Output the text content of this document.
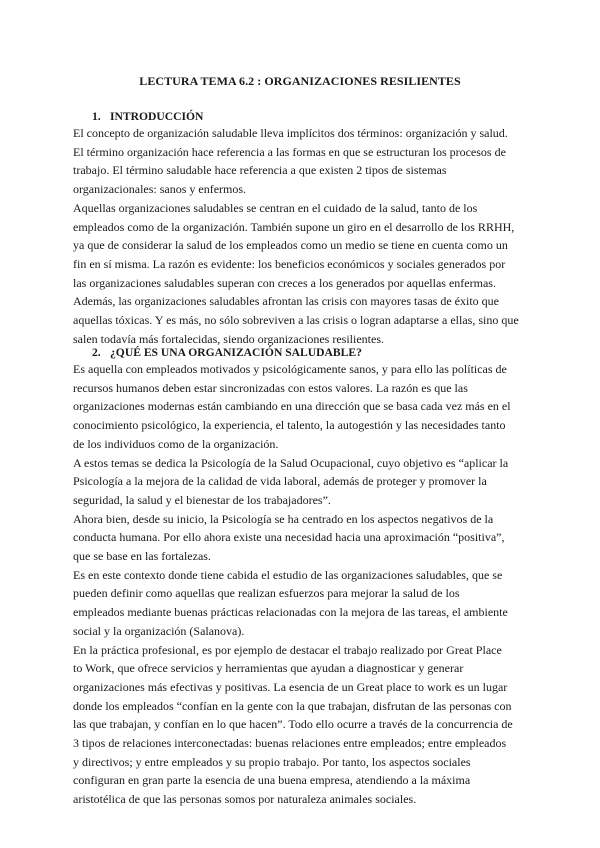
LECTURA TEMA 6.2 : ORGANIZACIONES RESILIENTES
1. INTRODUCCIÓN
El concepto de organización saludable lleva implícitos dos términos: organización y salud.
El término organización hace referencia a las formas en que se estructuran los procesos de
trabajo. El término saludable hace referencia a que existen 2 tipos de sistemas
organizacionales: sanos y enfermos.
Aquellas organizaciones saludables se centran en el cuidado de la salud, tanto de los
empleados como de la organización. También supone un giro en el desarrollo de los RRHH,
ya que de considerar la salud de los empleados como un medio se tiene en cuenta como un
fin en sí misma. La razón es evidente: los beneficios económicos y sociales generados por
las organizaciones saludables superan con creces a los generados por aquellas enfermas.
Además, las organizaciones saludables afrontan las crisis con mayores tasas de éxito que
aquellas tóxicas. Y es más, no sólo sobreviven a las crisis o logran adaptarse a ellas, sino que
salen todavía más fortalecidas, siendo organizaciones resilientes.
2. ¿QUÉ ES UNA ORGANIZACIÓN SALUDABLE?
Es aquella con empleados motivados y psicológicamente sanos, y para ello las políticas de
recursos humanos deben estar sincronizadas con estos valores. La razón es que las
organizaciones modernas están cambiando en una dirección que se basa cada vez más en el
conocimiento psicológico, la experiencia, el talento, la autogestión y las necesidades tanto
de los individuos como de la organización.
A estos temas se dedica la Psicología de la Salud Ocupacional, cuyo objetivo es “aplicar la
Psicología a la mejora de la calidad de vida laboral, además de proteger y promover la
seguridad, la salud y el bienestar de los trabajadores”.
Ahora bien, desde su inicio, la Psicología se ha centrado en los aspectos negativos de la
conducta humana. Por ello ahora existe una necesidad hacia una aproximación “positiva”,
que se base en las fortalezas.
Es en este contexto donde tiene cabida el estudio de las organizaciones saludables, que se
pueden definir como aquellas que realizan esfuerzos para mejorar la salud de los
empleados mediante buenas prácticas relacionadas con la mejora de las tareas, el ambiente
social y la organización (Salanova).
En la práctica profesional, es por ejemplo de destacar el trabajo realizado por Great Place
to Work, que ofrece servicios y herramientas que ayudan a diagnosticar y generar
organizaciones más efectivas y positivas. La esencia de un Great place to work es un lugar
donde los empleados “confían en la gente con la que trabajan, disfrutan de las personas con
las que trabajan, y confían en lo que hacen”. Todo ello ocurre a través de la concurrencia de
3 tipos de relaciones interconectadas: buenas relaciones entre empleados; entre empleados
y directivos; y entre empleados y su propio trabajo. Por tanto, los aspectos sociales
configuran en gran parte la esencia de una buena empresa, atendiendo a la máxima
aristotélica de que las personas somos por naturaleza animales sociales.
